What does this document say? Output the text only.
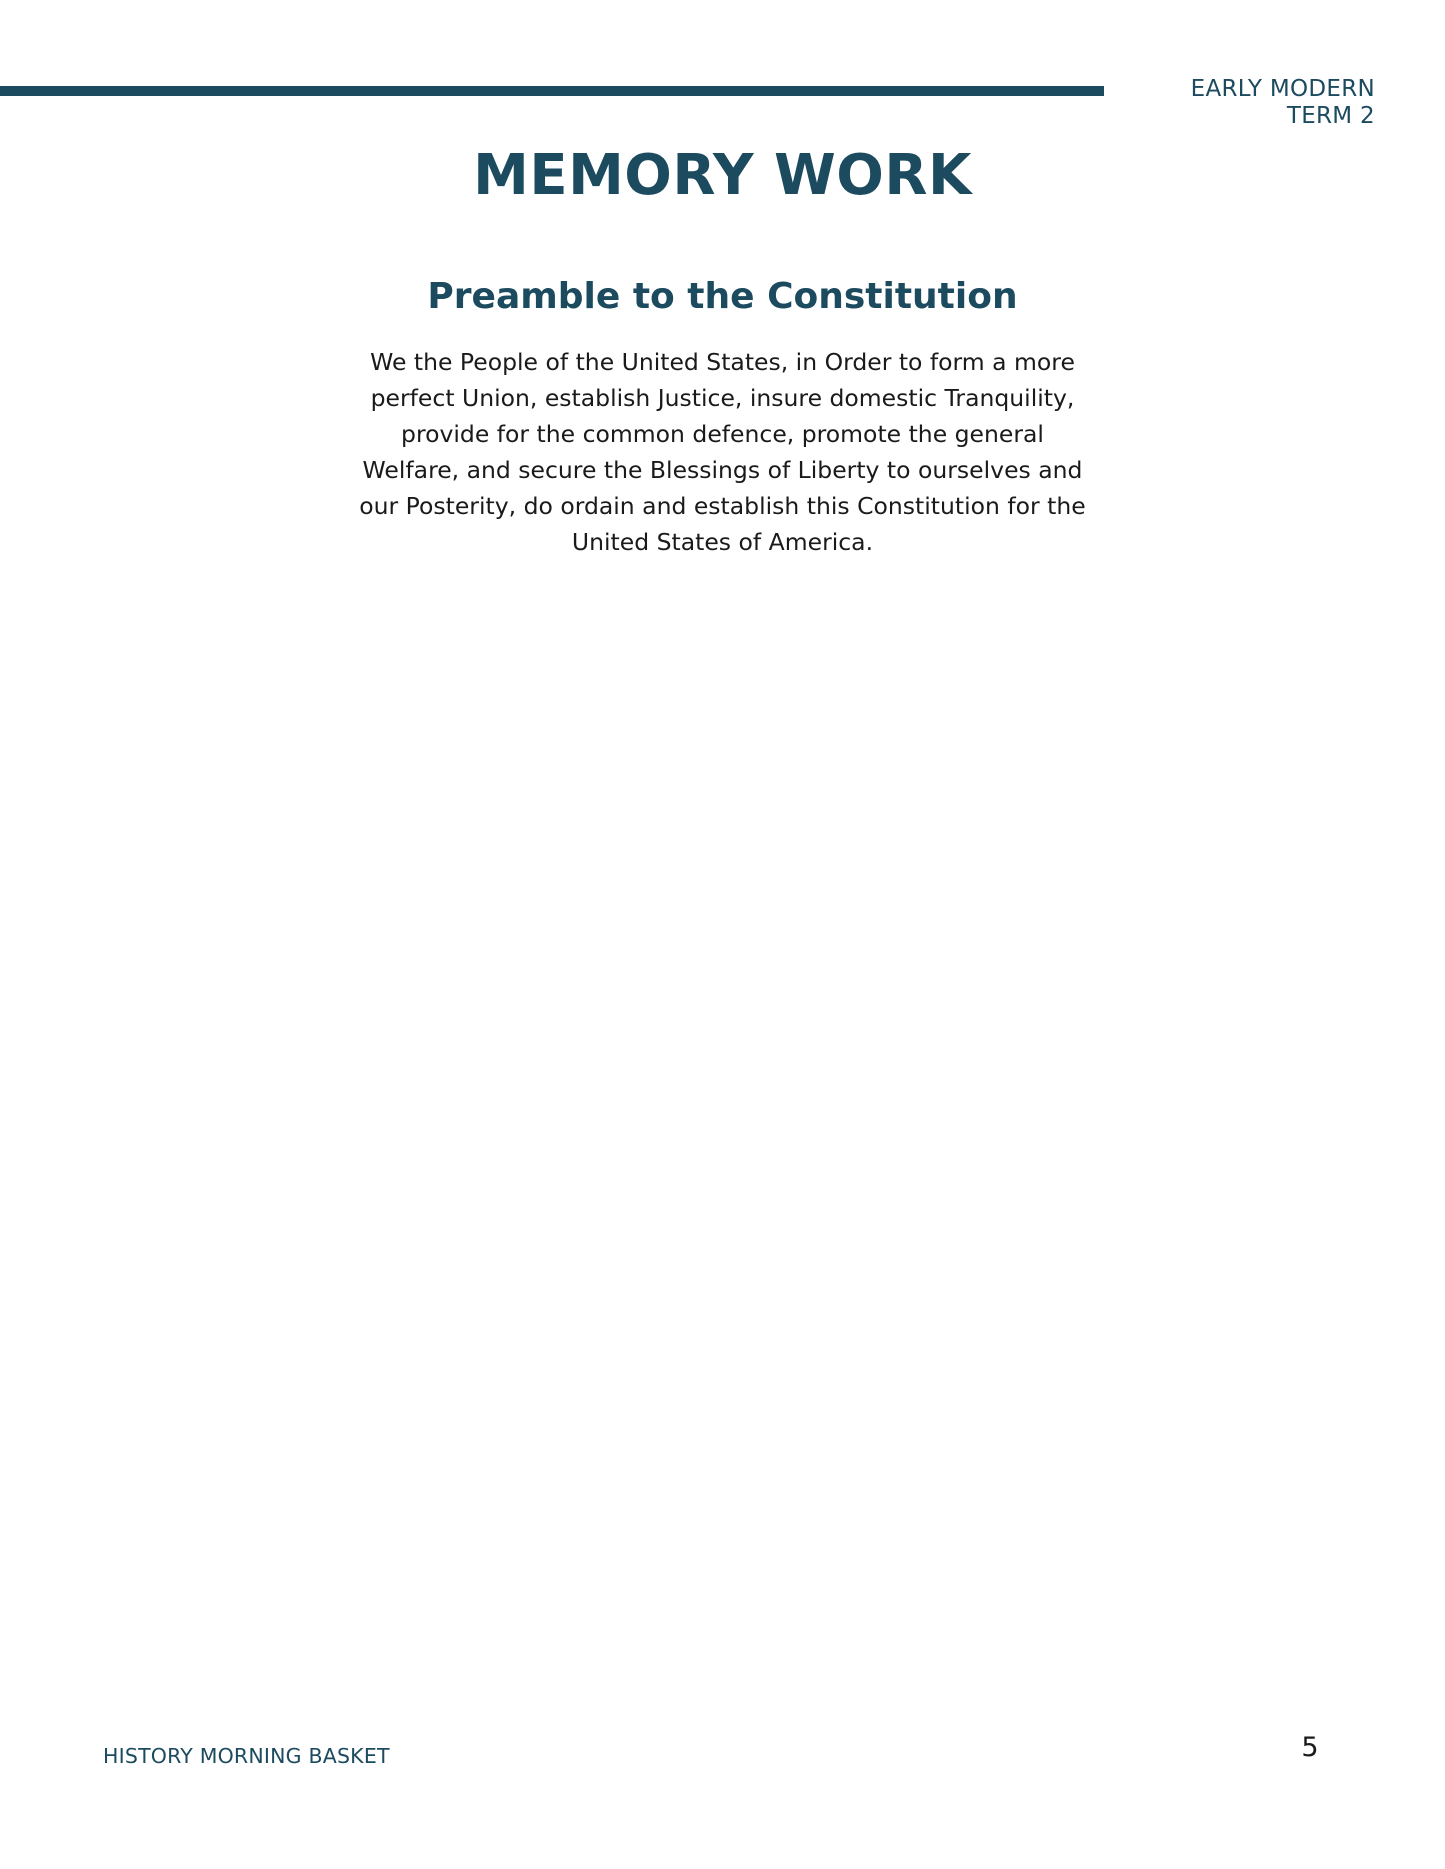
EARLY MODERN
TERM 2
MEMORY WORK
Preamble to the Constitution

We the People of the United States, in Order to form a more
perfect Union, establish Justice, insure domestic Tranquility,
provide for the common defence, promote the general
Welfare, and secure the Blessings of Liberty to ourselves and
our Posterity, do ordain and establish this Constitution for the
United States of America.

HISTORY MORNING BASKET	5
